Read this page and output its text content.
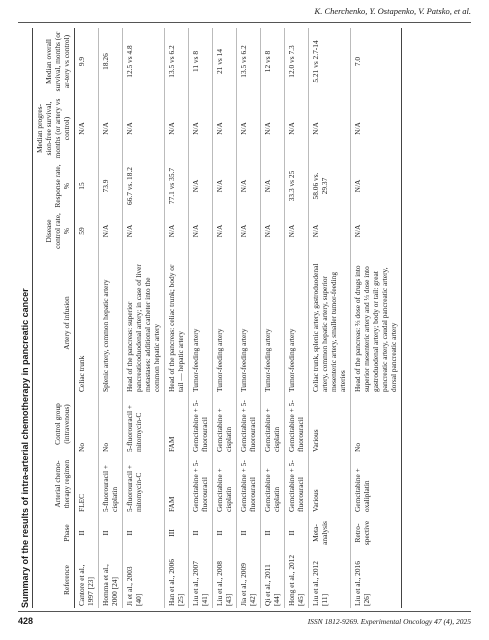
K. Cherchenko, Y. Ostapenko, V. Patsko, et al.
Summary of the results of intra-arterial chemotherapy in pancreatic cancer	Reference	Phase	Arterial chemo-therapy regimen	Control group (intravenous)	Artery of infusion	Disease control rate, %	Response rate, %	Median progres-sion-free survival, months (or artery vs control)	Median overall survival, months (or ar-tery vs control)
Cantore et al., 1997 [23]	II	FLEC	No	Celiac trunk	59	15	N/A	9.9
Homma et al., 2000 [24]	II	5-fluorouracil + cisplatin	No	Splenic artery, common hepatic artery	N/A	73.9	N/A	18.26
Ji et al., 2003 [40]	II	5-fluorouracil + mitomycin-C	5-fluorouracil + mitomycin-C	Head of the pancreas: superior pancreaticoduodenal artery; in case of liver metastases: additional catheter into the common hepatic artery	N/A	66.7 vs. 18.2	N/A	12.5 vs 4.8
Han et al., 2006 [25]	III	FAM	FAM	Head of the pancreas: celiac trunk; body or tail — hepatic artery	N/A	77.1 vs 35.7	N/A	13.5 vs 6.2
Liu et al., 2007 [41]	II	Gemcitabine + 5-fluorouracil	Gemcitabine + 5-fluorouracil	Tumor-feeding artery	N/A	N/A	N/A	11 vs 8
Liu et al., 2008 [43]	II	Gemcitabine + cisplatin	Gemcitabine + cisplatin	Tumor-feeding artery	N/A	N/A	N/A	21 vs 14
Jia et al., 2009 [42]	II	Gemcitabine + 5-fluorouracil	Gemcitabine + 5-fluorouracil	Tumor-feeding artery	N/A	N/A	N/A	13.5 vs 6.2
Qi et al., 2011 [44]	II	Gemcitabine + cisplatin	Gemcitabine + cisplatin	Tumor-feeding artery	N/A	N/A	N/A	12 vs 8
Hong et al., 2012 [45]	II	Gemcitabine + 5-fluorouracil	Gemcitabine + 5-fluorouracil	Tumor-feeding artery	N/A	33.3 vs 25	N/A	12.0 vs 7.3
Liu et al., 2012 [11]	Meta-analysis	Various	Various	Celiac trunk, splenic artery, gastroduodenal artery, common hepatic artery, superior mesenteric artery, smaller tumor-feeding arteries	N/A	58.06 vs. 29.37	N/A	5.21 vs 2.7-14
Liu et al., 2016 [26]	Retro-spective	Gemcitabine + oxaliplatin	No	Head of the pancreas: ⅔ dose of drugs into superior mesenteric artery and ⅓ dose into gastroduodenal artery; body or tail: great pancreatic artery, caudal pancreatic artery, dorsal pancreatic artery	N/A	N/A	N/A	7.0
428	ISSN 1812-9269. Experimental Oncology 47 (4), 2025
